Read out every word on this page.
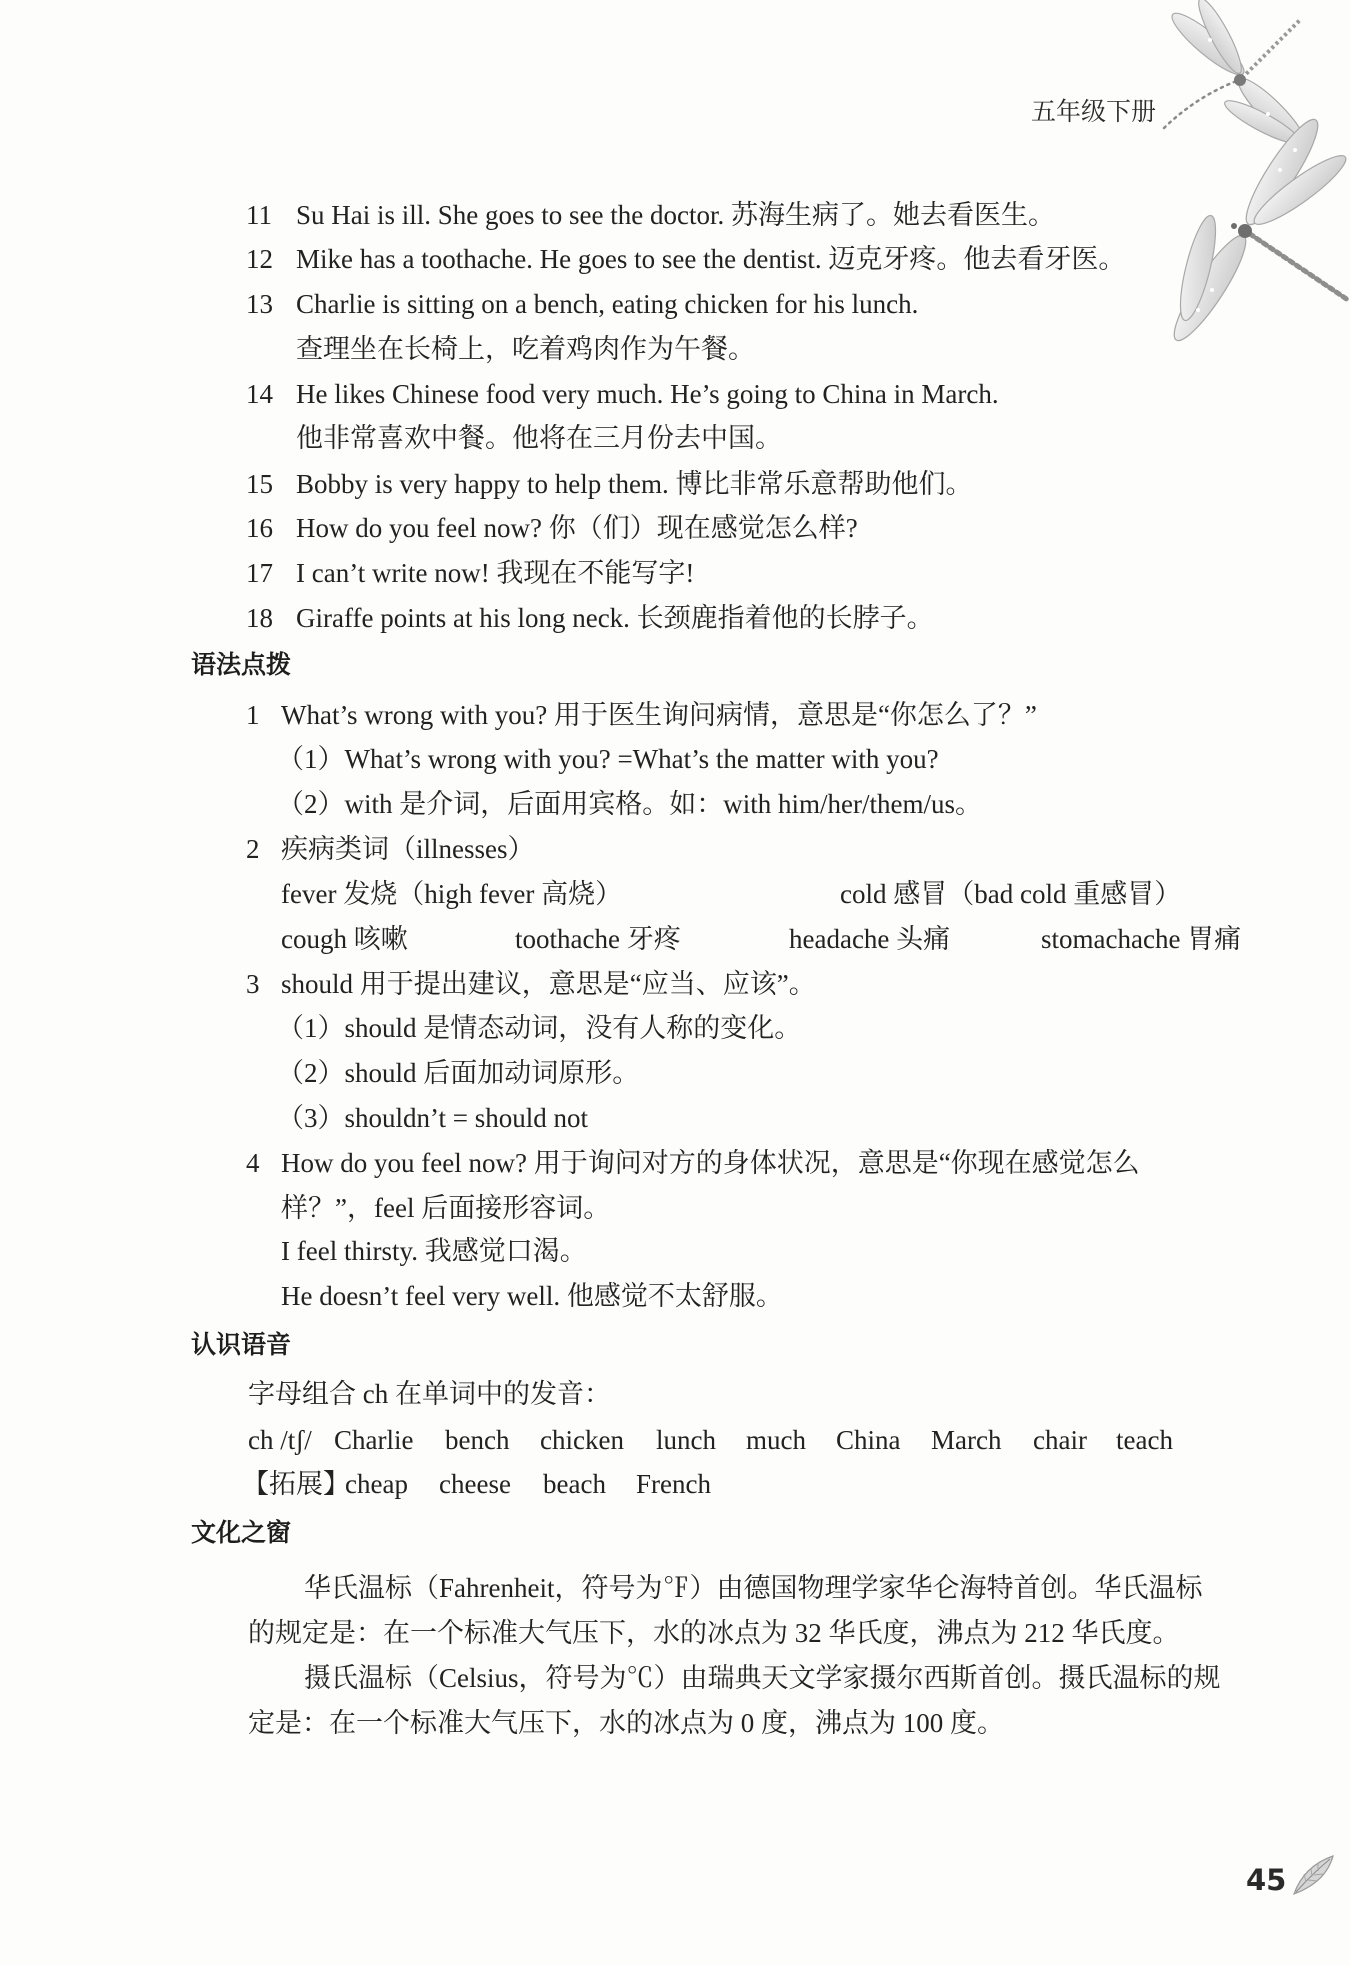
五年级下册
11 Su Hai is ill. She goes to see the doctor. 苏海生病了。她去看医生。
12 Mike has a toothache. He goes to see the dentist. 迈克牙疼。他去看牙医。
13 Charlie is sitting on a bench, eating chicken for his lunch.
查理坐在长椅上，吃着鸡肉作为午餐。
14 He likes Chinese food very much. He’s going to China in March.
他非常喜欢中餐。他将在三月份去中国。
15 Bobby is very happy to help them. 博比非常乐意帮助他们。
16 How do you feel now? 你（们）现在感觉怎么样?
17 I can’t write now! 我现在不能写字!
18 Giraffe points at his long neck. 长颈鹿指着他的长脖子。
语法点拨
1 What’s wrong with you? 用于医生询问病情，意思是“你怎么了？”
（1）What’s wrong with you? =What’s the matter with you?
（2）with 是介词，后面用宾格。如：with him/her/them/us。
2 疾病类词（illnesses）
fever 发烧（high fever 高烧）	cold 感冒（bad cold 重感冒）
cough 咳嗽	toothache 牙疼	headache 头痛	stomachache 胃痛
3 should 用于提出建议，意思是“应当、应该”。
（1）should 是情态动词，没有人称的变化。
（2）should 后面加动词原形。
（3）shouldn’t = should not
4 How do you feel now? 用于询问对方的身体状况，意思是“你现在感觉怎么
样？”，feel 后面接形容词。
I feel thirsty. 我感觉口渴。
He doesn’t feel very well. 他感觉不太舒服。
认识语音
字母组合 ch 在单词中的发音：
ch /tʃ/ Charlie bench chicken lunch much China March chair teach
【拓展】
cheap cheese beach French
文化之窗
华氏温标（Fahrenheit，符号为℉）由德国物理学家华仑海特首创。华氏温标
的规定是：在一个标准大气压下，水的冰点为 32 华氏度，沸点为 212 华氏度。
摄氏温标（Celsius，符号为℃）由瑞典天文学家摄尔西斯首创。摄氏温标的规
定是：在一个标准大气压下，水的冰点为 0 度，沸点为 100 度。
45
